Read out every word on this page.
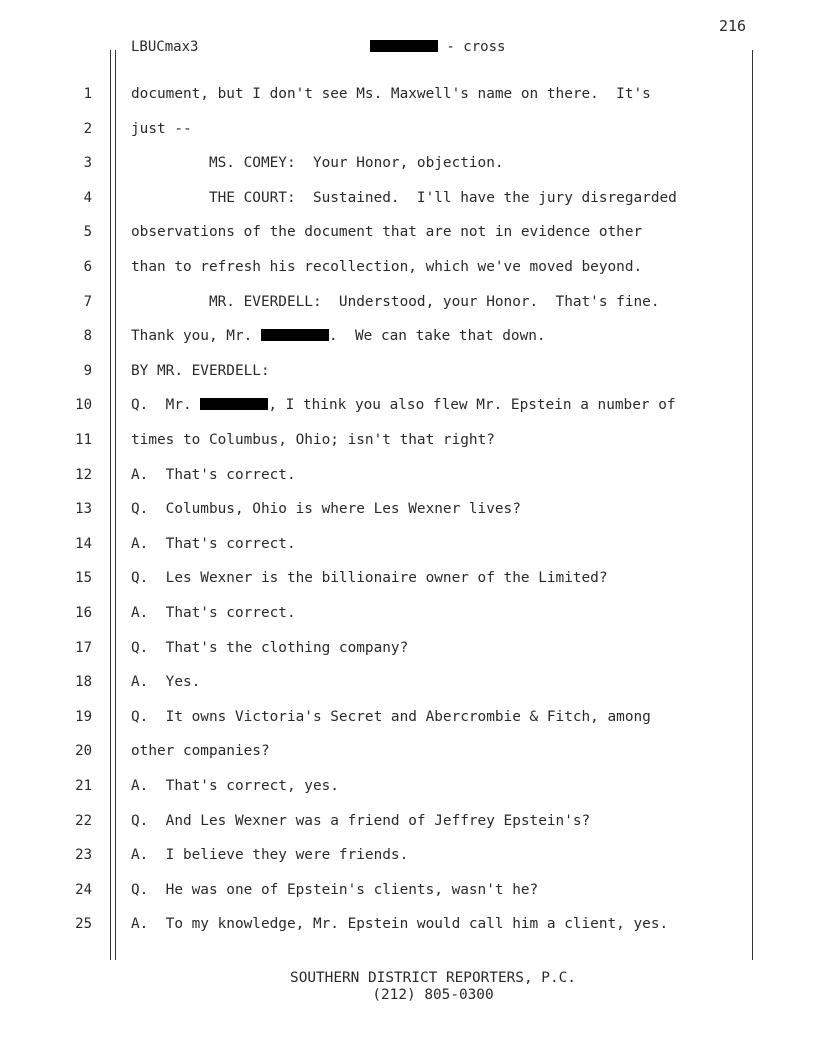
216
LBUCmax3	- cross
1	document, but I don't see Ms. Maxwell's name on there.  It's
2	just --
3	MS. COMEY:  Your Honor, objection.
4	THE COURT:  Sustained.  I'll have the jury disregarded
5	observations of the document that are not in evidence other
6	than to refresh his recollection, which we've moved beyond.
7	MR. EVERDELL:  Understood, your Honor.  That's fine.
8	Thank you, Mr.	.  We can take that down.
9	BY MR. EVERDELL:
10	Q.  Mr.	, I think you also flew Mr. Epstein a number of
11	times to Columbus, Ohio; isn't that right?
12	A.  That's correct.
13	Q.  Columbus, Ohio is where Les Wexner lives?
14	A.  That's correct.
15	Q.  Les Wexner is the billionaire owner of the Limited?
16	A.  That's correct.
17	Q.  That's the clothing company?
18	A.  Yes.
19	Q.  It owns Victoria's Secret and Abercrombie & Fitch, among
20	other companies?
21	A.  That's correct, yes.
22	Q.  And Les Wexner was a friend of Jeffrey Epstein's?
23	A.  I believe they were friends.
24	Q.  He was one of Epstein's clients, wasn't he?
25	A.  To my knowledge, Mr. Epstein would call him a client, yes.
SOUTHERN DISTRICT REPORTERS, P.C.
(212) 805-0300
